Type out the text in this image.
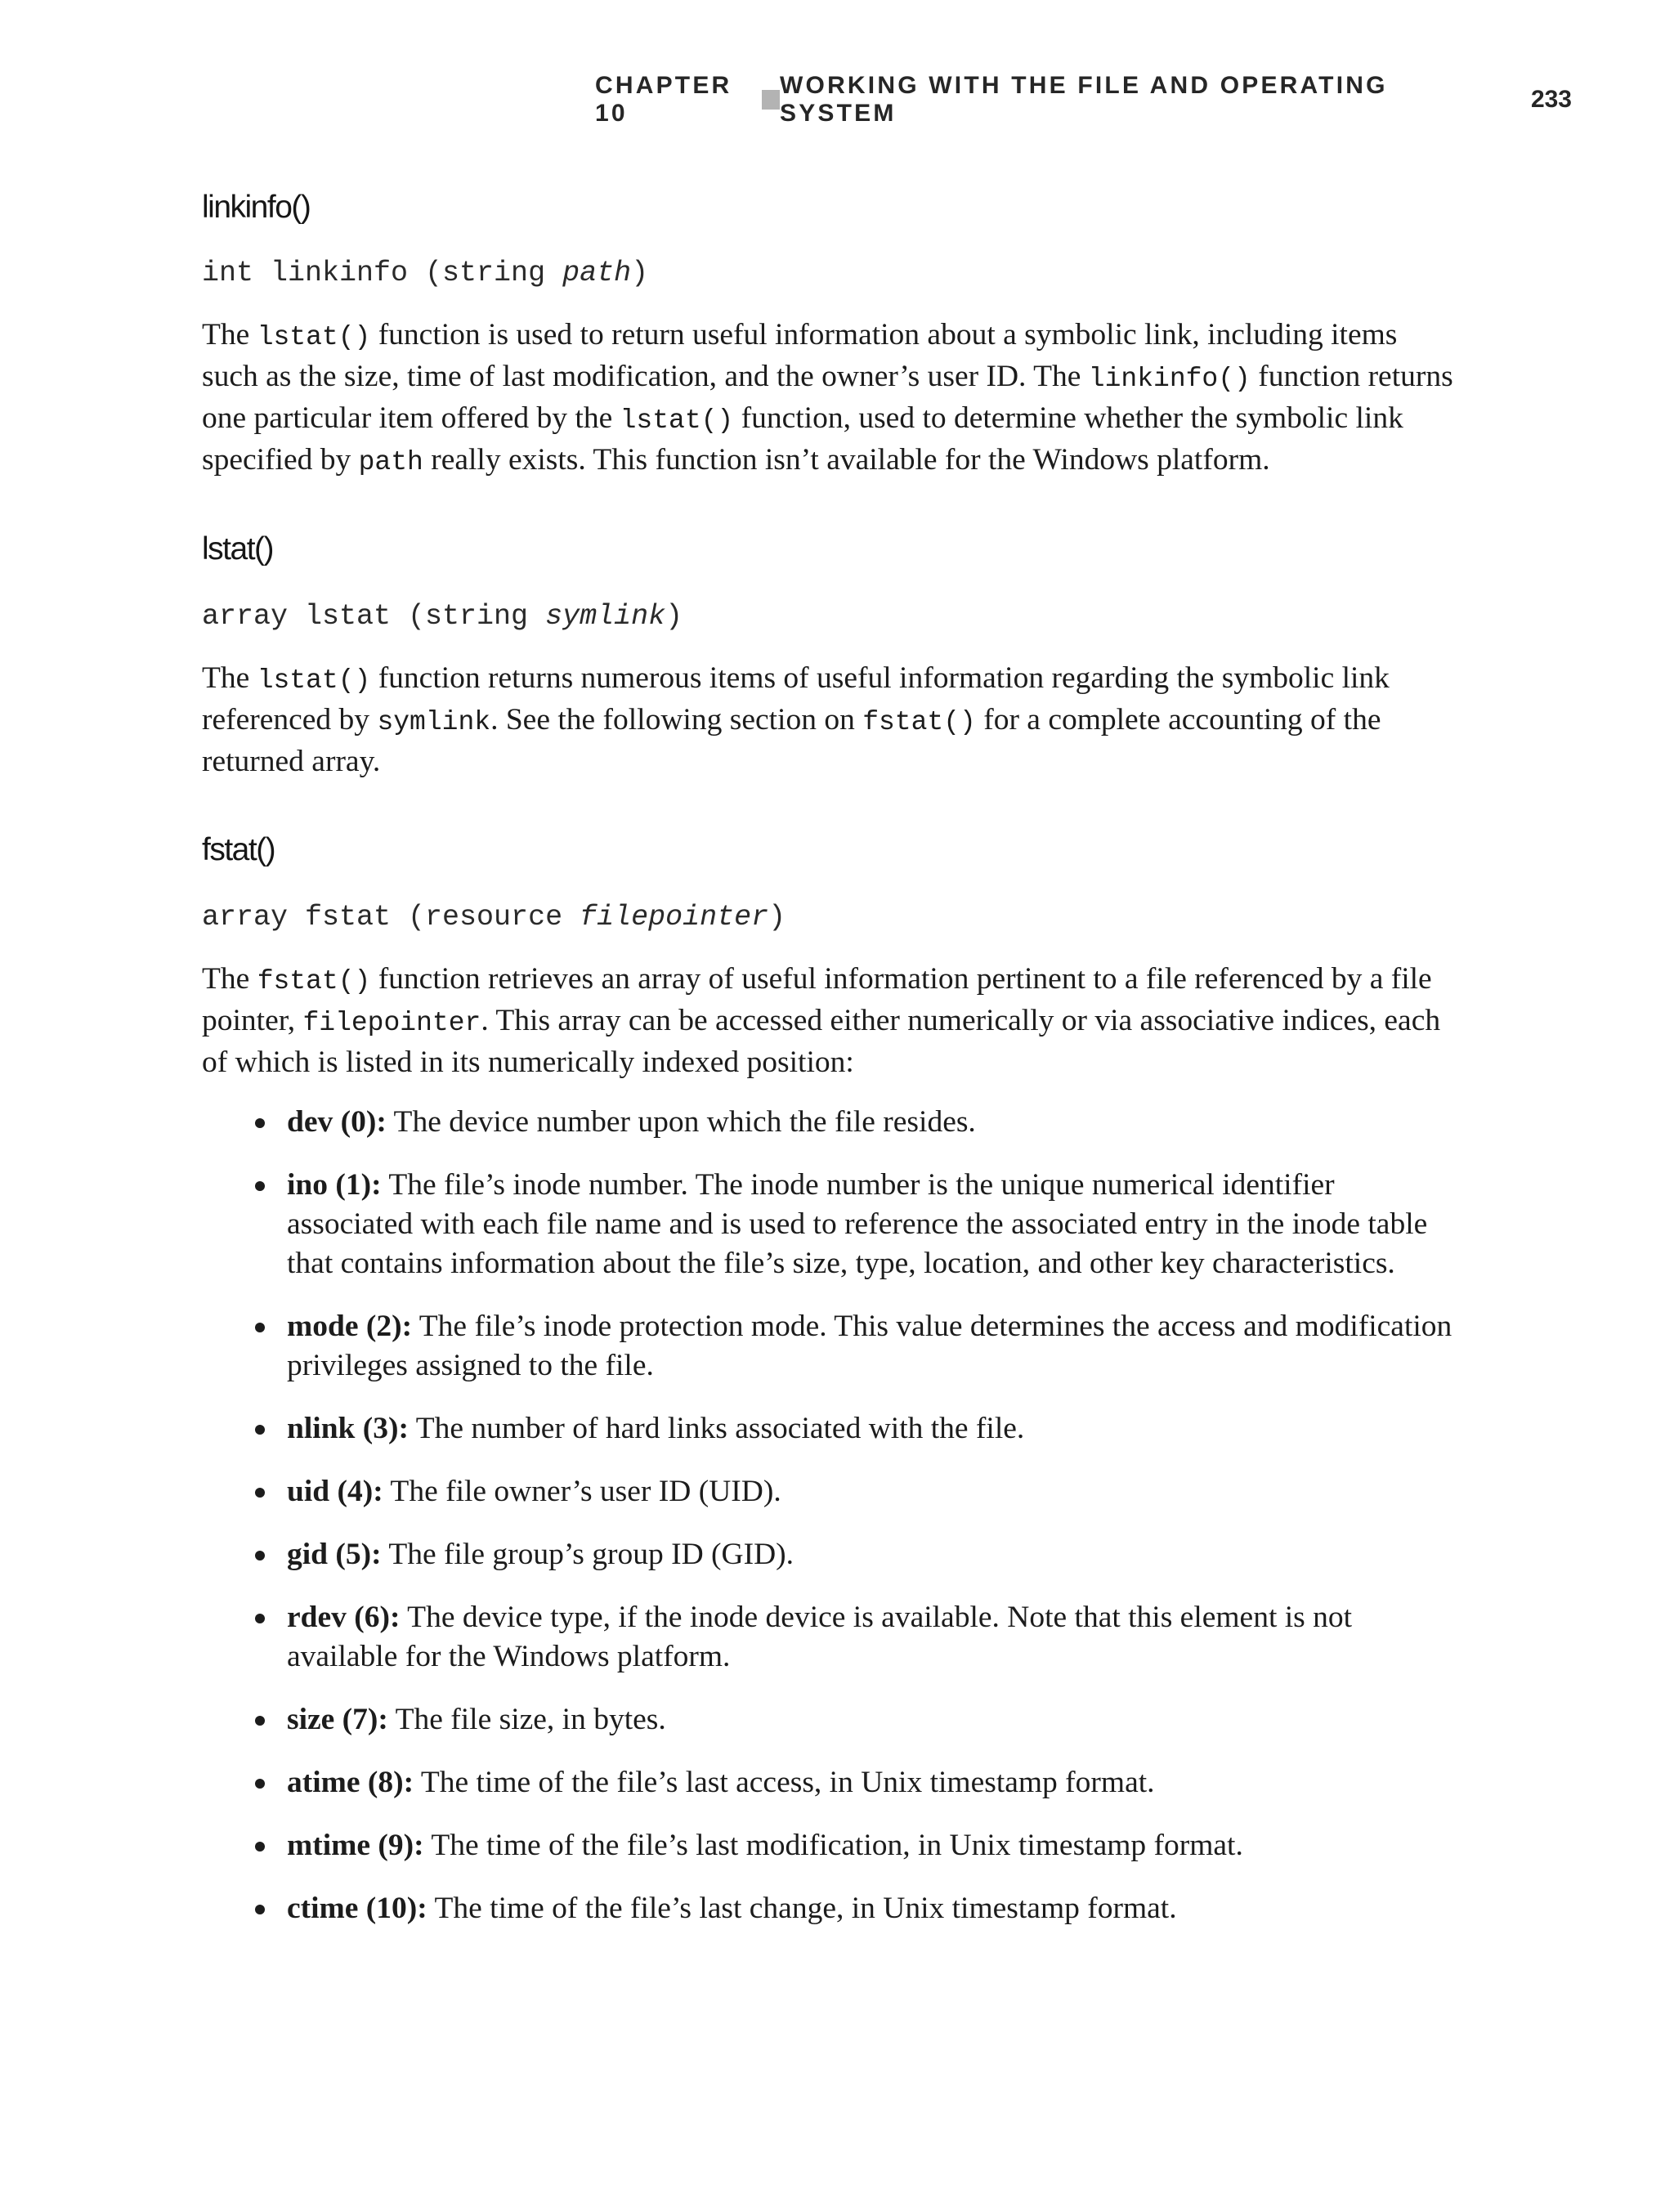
CHAPTER 10
WORKING WITH THE FILE AND OPERATING SYSTEM
233
linkinfo()

int linkinfo (string path)

The lstat() function is used to return useful information about a symbolic link, including items such as the size, time of last modification, and the owner’s user ID. The linkinfo() function returns one particular item offered by the lstat() function, used to determine whether the symbolic link specified by path really exists. This function isn’t available for the Windows platform.

lstat()

array lstat (string symlink)

The lstat() function returns numerous items of useful information regarding the symbolic link referenced by symlink. See the following section on fstat() for a complete accounting of the returned array.

fstat()

array fstat (resource filepointer)

The fstat() function retrieves an array of useful information pertinent to a file referenced by a file pointer, filepointer. This array can be accessed either numerically or via associative indices, each of which is listed in its numerically indexed position:

dev (0): The device number upon which the file resides.
ino (1): The file’s inode number. The inode number is the unique numerical identifier associated with each file name and is used to reference the associated entry in the inode table that contains information about the file’s size, type, location, and other key characteristics.
mode (2): The file’s inode protection mode. This value determines the access and modification privileges assigned to the file.
nlink (3): The number of hard links associated with the file.
uid (4): The file owner’s user ID (UID).
gid (5): The file group’s group ID (GID).
rdev (6): The device type, if the inode device is available. Note that this element is not available for the Windows platform.
size (7): The file size, in bytes.
atime (8): The time of the file’s last access, in Unix timestamp format.
mtime (9): The time of the file’s last modification, in Unix timestamp format.
ctime (10): The time of the file’s last change, in Unix timestamp format.
